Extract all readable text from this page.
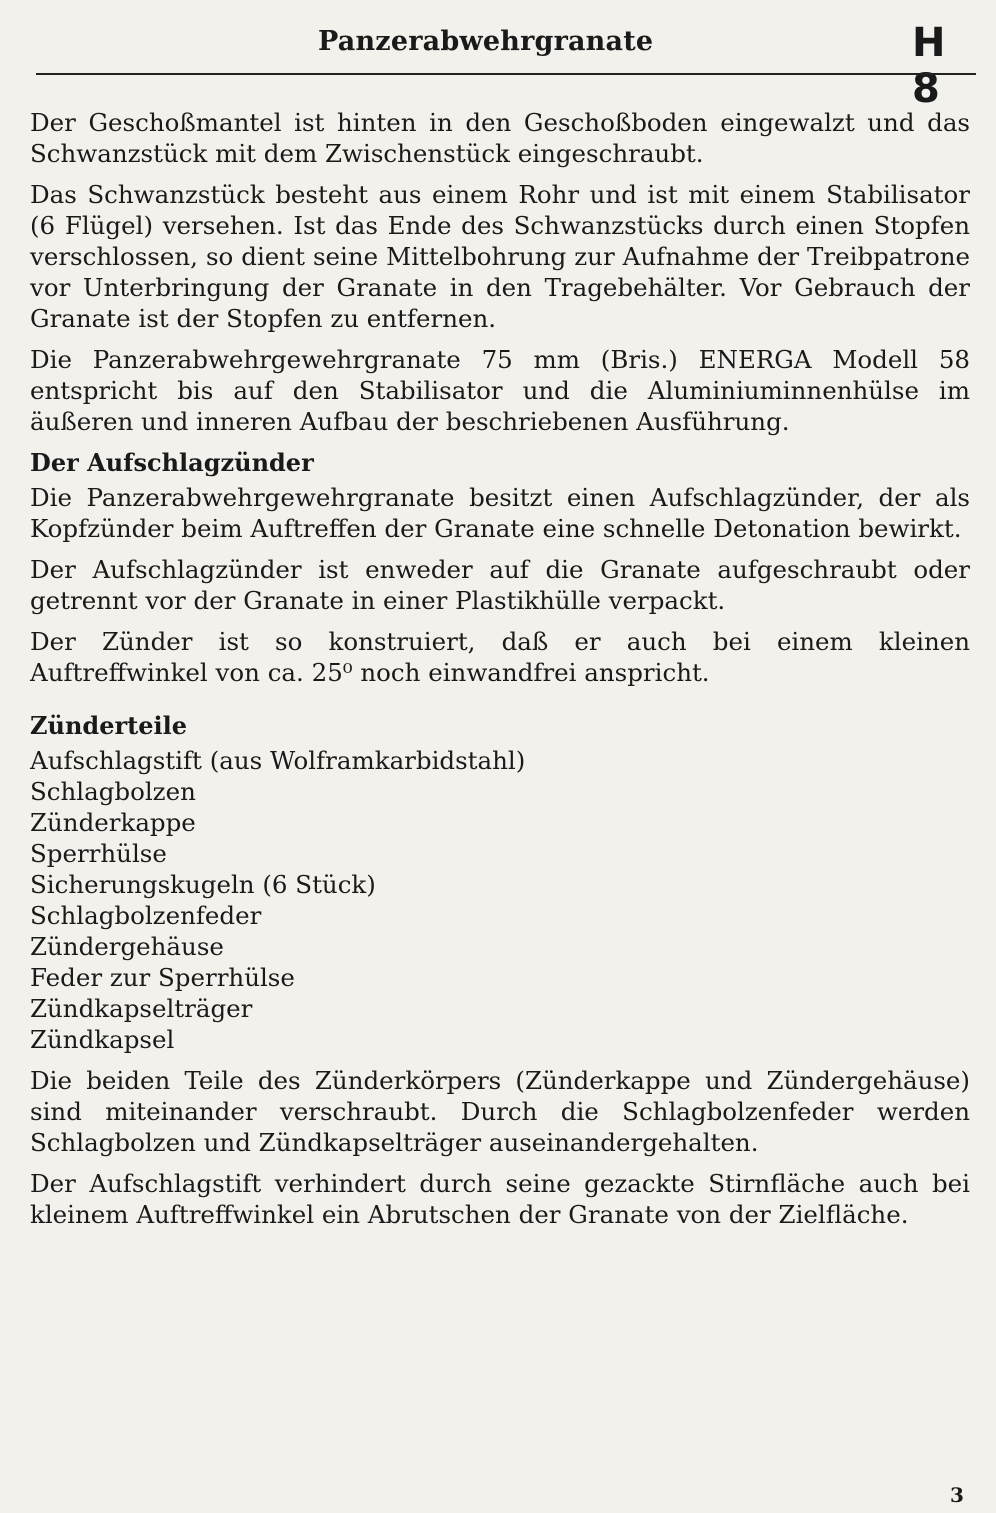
Panzerabwehrgranate	H 8

Der Geschoßmantel ist hinten in den Geschoßboden eingewalzt und das Schwanzstück mit dem Zwischenstück eingeschraubt.

Das Schwanzstück besteht aus einem Rohr und ist mit einem Stabilisator (6 Flügel) versehen. Ist das Ende des Schwanzstücks durch einen Stopfen verschlossen, so dient seine Mittelbohrung zur Aufnahme der Treibpatrone vor Unterbringung der Granate in den Tragebehälter. Vor Gebrauch der Granate ist der Stopfen zu entfernen.

Die Panzerabwehrgewehrgranate 75 mm (Bris.) ENERGA Modell 58 entspricht bis auf den Stabilisator und die Aluminiuminnenhülse im äußeren und inneren Aufbau der beschriebenen Ausführung.

Der Aufschlagzünder

Die Panzerabwehrgewehrgranate besitzt einen Aufschlagzünder, der als Kopfzünder beim Auftreffen der Granate eine schnelle Detonation bewirkt.

Der Aufschlagzünder ist enweder auf die Granate aufgeschraubt oder getrennt vor der Granate in einer Plastikhülle verpackt.

Der Zünder ist so konstruiert, daß er auch bei einem kleinen Auftreffwinkel von ca. 25⁰ noch einwandfrei anspricht.

Zünderteile
Aufschlagstift (aus Wolframkarbidstahl)
Schlagbolzen
Zünderkappe
Sperrhülse
Sicherungskugeln (6 Stück)
Schlagbolzenfeder
Zündergehäuse
Feder zur Sperrhülse
Zündkapselträger
Zündkapsel

Die beiden Teile des Zünderkörpers (Zünderkappe und Zündergehäuse) sind miteinander verschraubt. Durch die Schlagbolzenfeder werden Schlagbolzen und Zündkapselträger auseinandergehalten.

Der Aufschlagstift verhindert durch seine gezackte Stirnfläche auch bei kleinem Auftreffwinkel ein Abrutschen der Granate von der Zielfläche.

3
